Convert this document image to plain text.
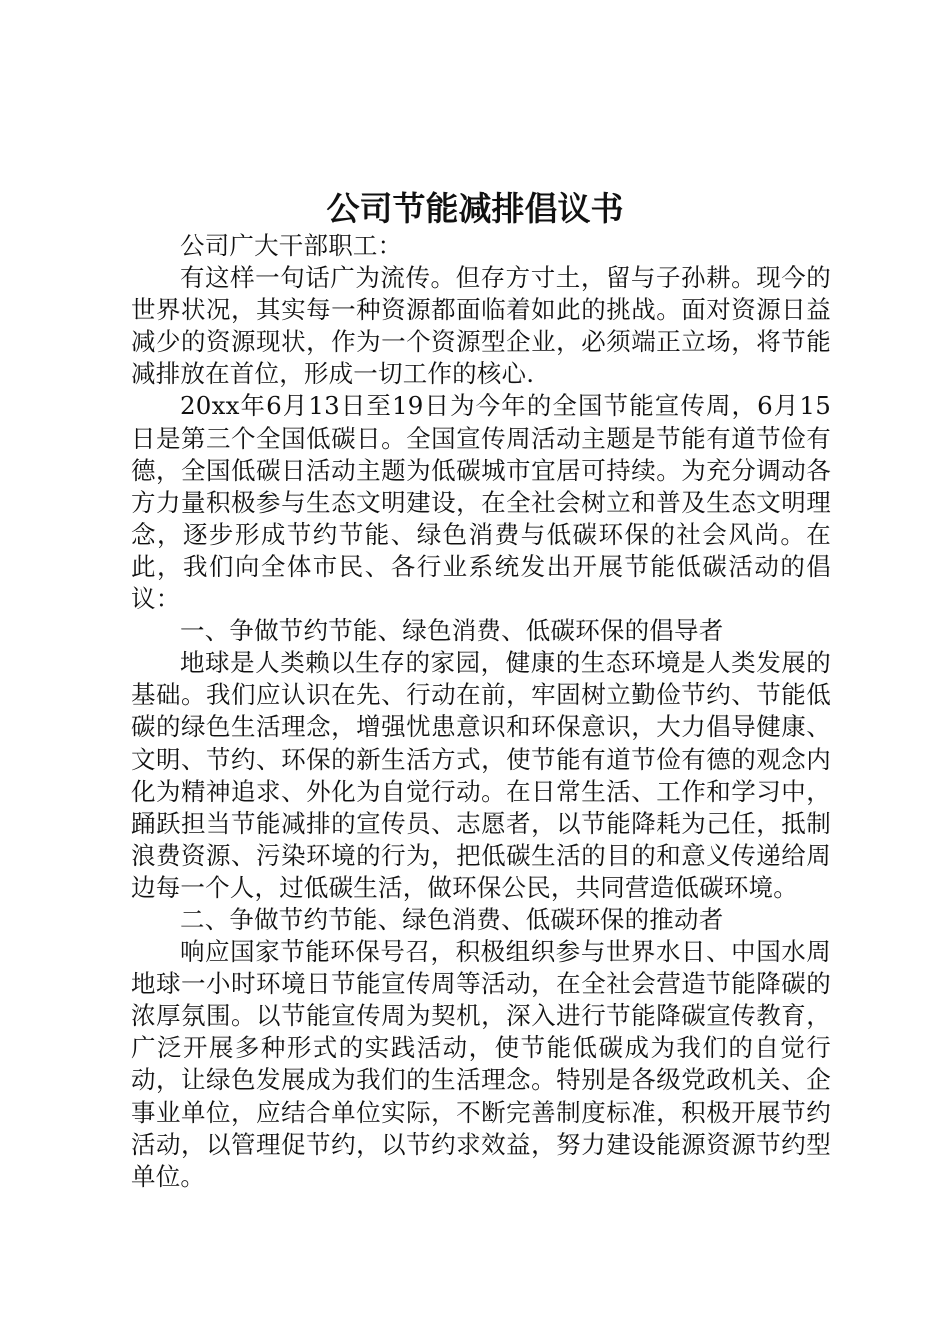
公司节能减排倡议书

公司广大干部职工：

有这样一句话广为流传。但存方寸土，留与子孙耕。现今的世界状况，其实每一种资源都面临着如此的挑战。面对资源日益减少的资源现状，作为一个资源型企业，必须端正立场，将节能减排放在首位，形成一切工作的核心.

20xx年6月13日至19日为今年的全国节能宣传周，6月15日是第三个全国低碳日。全国宣传周活动主题是节能有道节俭有德，全国低碳日活动主题为低碳城市宜居可持续。为充分调动各方力量积极参与生态文明建设，在全社会树立和普及生态文明理念，逐步形成节约节能、绿色消费与低碳环保的社会风尚。在此，我们向全体市民、各行业系统发出开展节能低碳活动的倡议：

一、争做节约节能、绿色消费、低碳环保的倡导者

地球是人类赖以生存的家园，健康的生态环境是人类发展的基础。我们应认识在先、行动在前，牢固树立勤俭节约、节能低碳的绿色生活理念，增强忧患意识和环保意识，大力倡导健康、文明、节约、环保的新生活方式，使节能有道节俭有德的观念内化为精神追求、外化为自觉行动。在日常生活、工作和学习中，踊跃担当节能减排的宣传员、志愿者，以节能降耗为己任，抵制浪费资源、污染环境的行为，把低碳生活的目的和意义传递给周边每一个人，过低碳生活，做环保公民，共同营造低碳环境。

二、争做节约节能、绿色消费、低碳环保的推动者

响应国家节能环保号召，积极组织参与世界水日、中国水周地球一小时环境日节能宣传周等活动，在全社会营造节能降碳的浓厚氛围。以节能宣传周为契机，深入进行节能降碳宣传教育，广泛开展多种形式的实践活动，使节能低碳成为我们的自觉行动，让绿色发展成为我们的生活理念。特别是各级党政机关、企事业单位，应结合单位实际，不断完善制度标准，积极开展节约活动，以管理促节约，以节约求效益，努力建设能源资源节约型单位。
